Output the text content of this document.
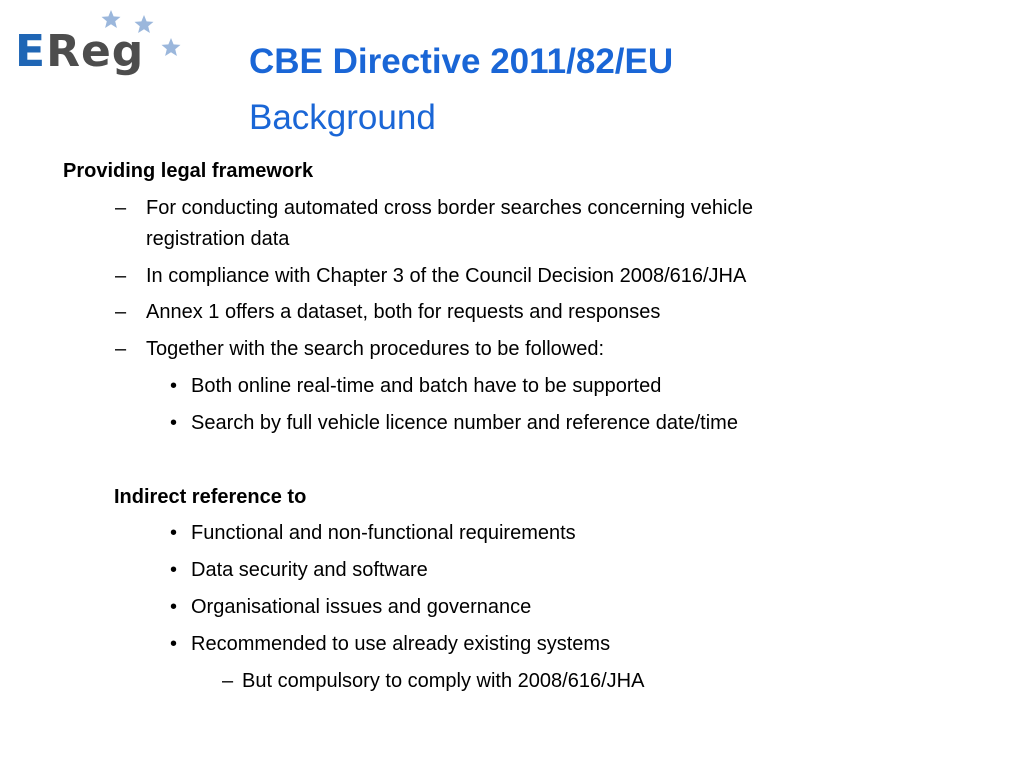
EReg	CBE Directive 2011/82/EU
Background
Providing legal framework
– For conducting automated cross border searches concerning vehicle
registration data
– In compliance with Chapter 3 of the Council Decision 2008/616/JHA
– Annex 1 offers a dataset, both for requests and responses
– Together with the search procedures to be followed:
• Both online real-time and batch have to be supported
• Search by full vehicle licence number and reference date/time
Indirect reference to
• Functional and non-functional requirements
• Data security and software
• Organisational issues and governance
• Recommended to use already existing systems
– But compulsory to comply with 2008/616/JHA
